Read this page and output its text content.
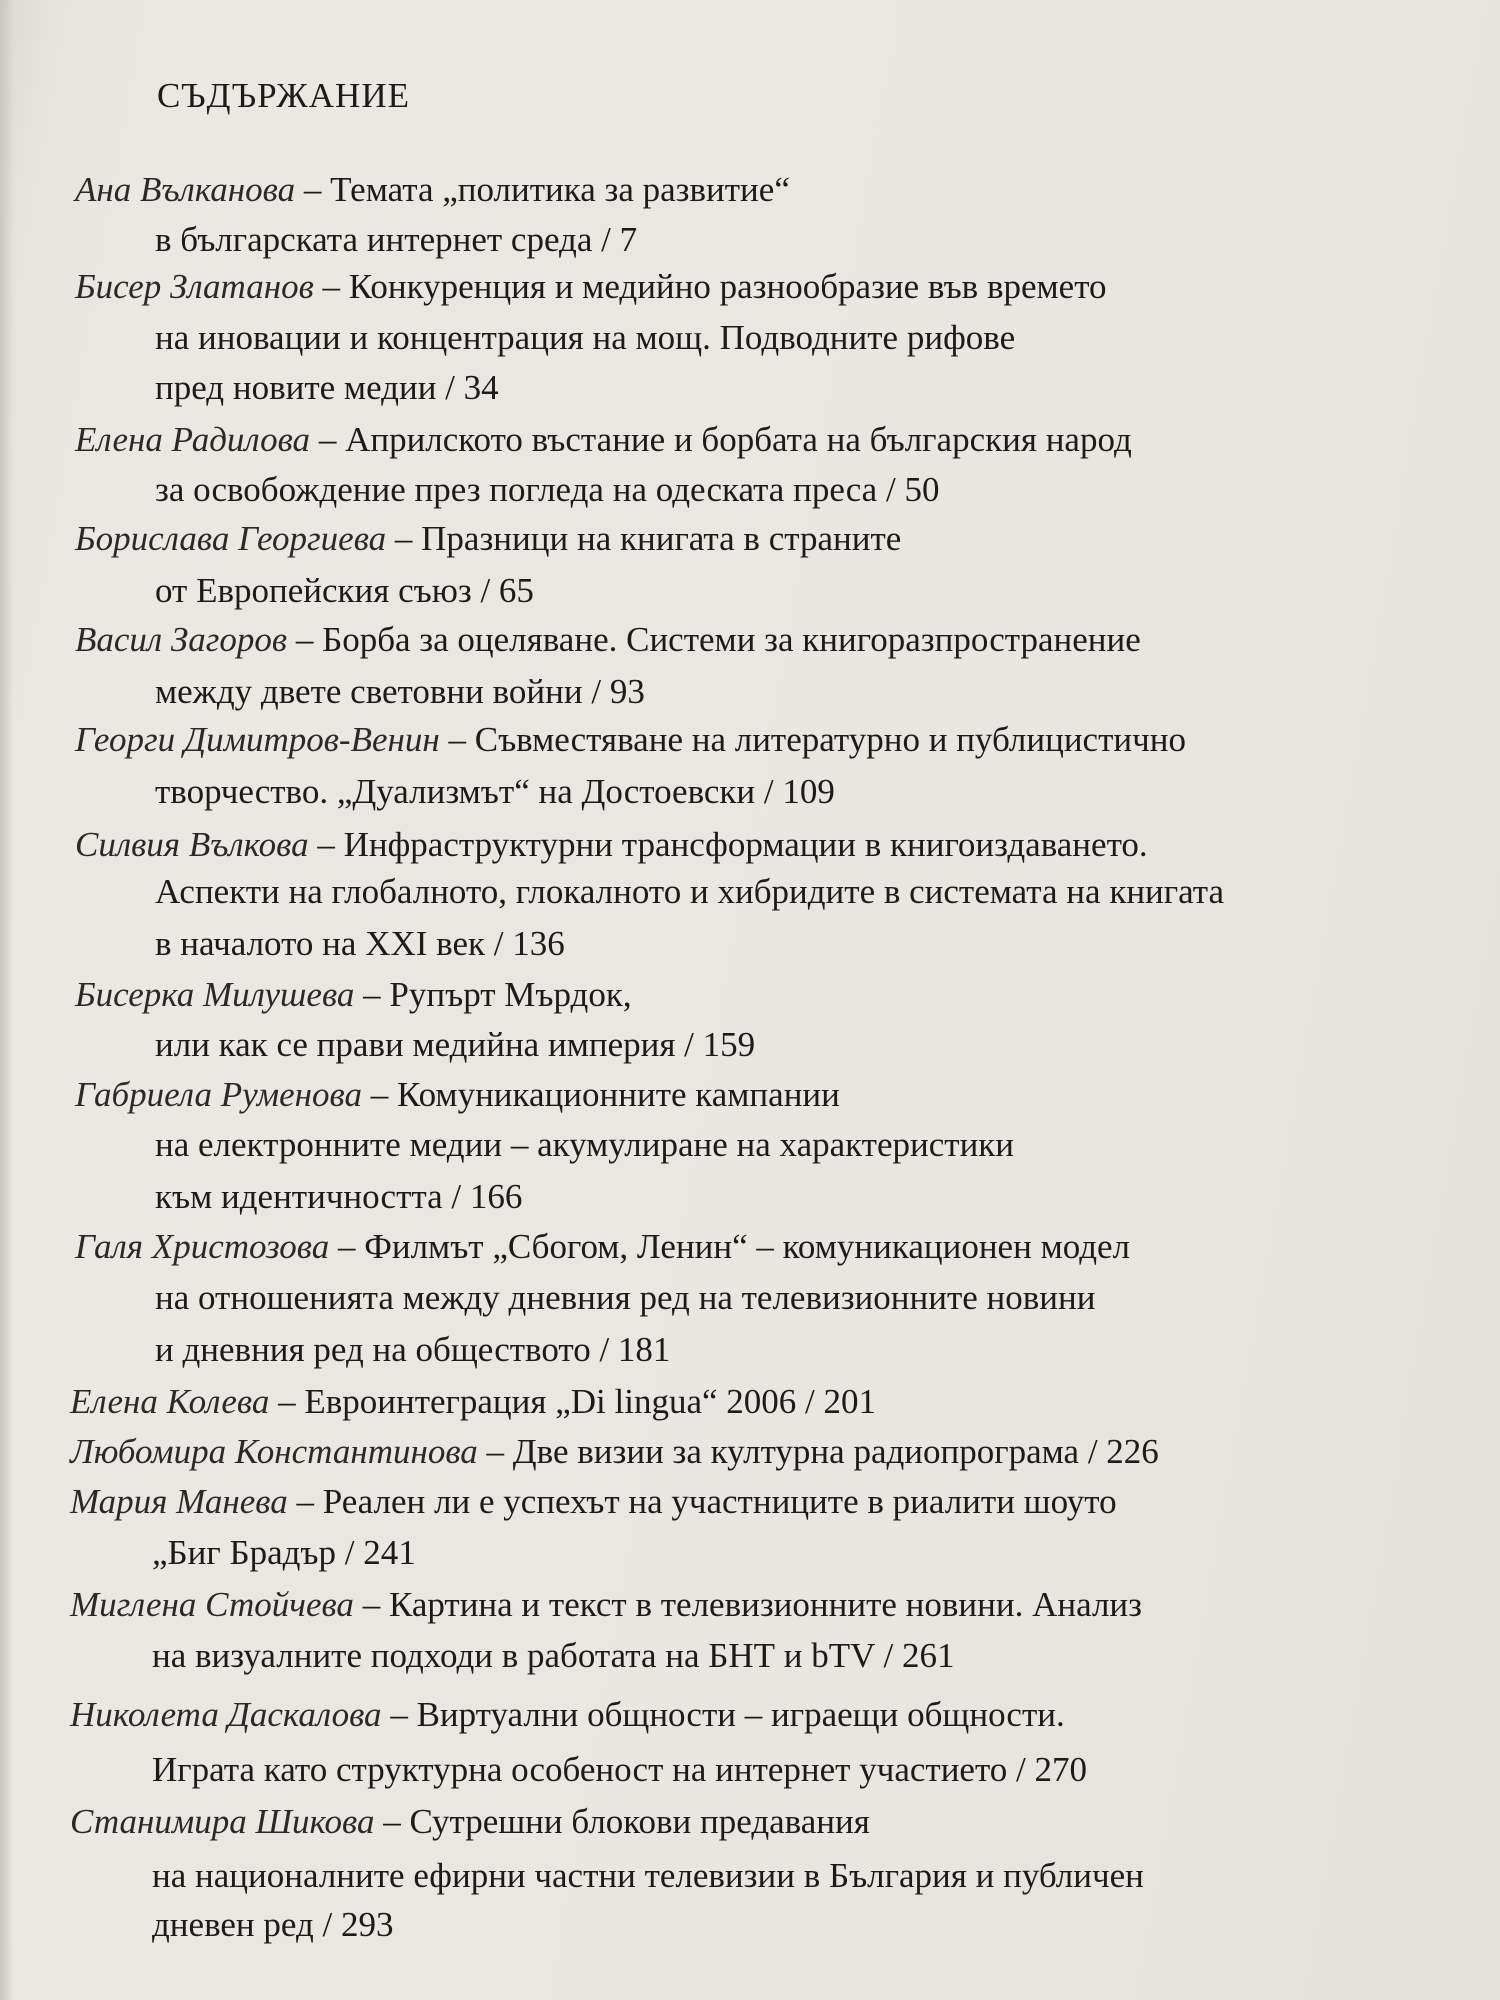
СЪДЪРЖАНИЕ

Ана Вълканова – Темата „политика за развитие“

в българската интернет среда / 7

Бисер Златанов – Конкуренция и медийно разнообразие във времето

на иновации и концентрация на мощ. Подводните рифове

пред новите медии / 34

Елена Радилова – Априлското въстание и борбата на българския народ

за освобождение през погледа на одеската преса / 50

Борислава Георгиева – Празници на книгата в страните

от Европейския съюз / 65

Васил Загоров – Борба за оцеляване. Системи за книгоразпространение

между двете световни войни / 93

Георги Димитров-Венин – Съвместяване на литературно и публицистично

творчество. „Дуализмът“ на Достоевски / 109

Силвия Вълкова – Инфраструктурни трансформации в книгоиздаването.

Аспекти на глобалното, глокалното и хибридите в системата на книгата

в началото на XXI век / 136

Бисерка Милушева – Рупърт Мърдок,

или как се прави медийна империя / 159

Габриела Руменова – Комуникационните кампании

на електронните медии – акумулиране на характеристики

към идентичността / 166

Галя Христозова – Филмът „Сбогом, Ленин“ – комуникационен модел

на отношенията между дневния ред на телевизионните новини

и дневния ред на обществото / 181

Елена Колева – Евроинтеграция „Di lingua“ 2006 / 201

Любомира Константинова – Две визии за културна радиопрограма / 226

Мария Манева – Реален ли е успехът на участниците в риалити шоуто

„Биг Брадър / 241

Миглена Стойчева – Картина и текст в телевизионните новини. Анализ

на визуалните подходи в работата на БНТ и bTV / 261

Николета Даскалова – Виртуални общности – играещи общности.

Играта като структурна особеност на интернет участието / 270

Станимира Шикова – Сутрешни блокови предавания

на националните ефирни частни телевизии в България и публичен

дневен ред / 293
